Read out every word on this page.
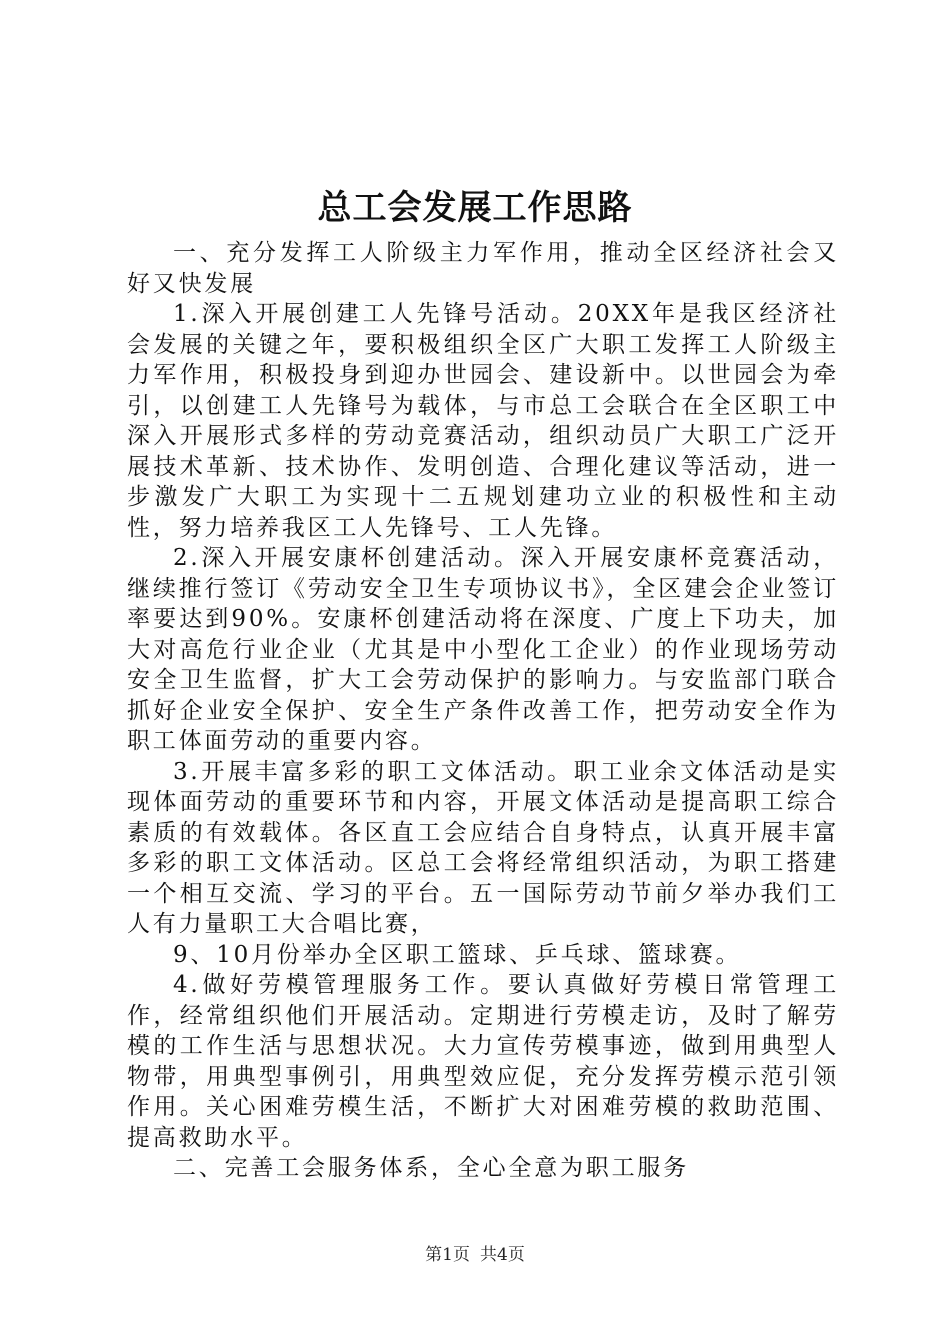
总工会发展工作思路

一、充分发挥工人阶级主力军作用，推动全区经济社会又好又快发展

1.深入开展创建工人先锋号活动。20XX年是我区经济社会发展的关键之年，要积极组织全区广大职工发挥工人阶级主力军作用，积极投身到迎办世园会、建设新中。以世园会为牵引，以创建工人先锋号为载体，与市总工会联合在全区职工中深入开展形式多样的劳动竞赛活动，组织动员广大职工广泛开展技术革新、技术协作、发明创造、合理化建议等活动，进一步激发广大职工为实现十二五规划建功立业的积极性和主动性，努力培养我区工人先锋号、工人先锋。

2.深入开展安康杯创建活动。深入开展安康杯竞赛活动，继续推行签订《劳动安全卫生专项协议书》，全区建会企业签订率要达到90%。安康杯创建活动将在深度、广度上下功夫，加大对高危行业企业（尤其是中小型化工企业）的作业现场劳动安全卫生监督，扩大工会劳动保护的影响力。与安监部门联合抓好企业安全保护、安全生产条件改善工作，把劳动安全作为职工体面劳动的重要内容。

3.开展丰富多彩的职工文体活动。职工业余文体活动是实现体面劳动的重要环节和内容，开展文体活动是提高职工综合素质的有效载体。各区直工会应结合自身特点，认真开展丰富多彩的职工文体活动。区总工会将经常组织活动，为职工搭建一个相互交流、学习的平台。五一国际劳动节前夕举办我们工人有力量职工大合唱比赛，

9、10月份举办全区职工篮球、乒乓球、篮球赛。

4.做好劳模管理服务工作。要认真做好劳模日常管理工作，经常组织他们开展活动。定期进行劳模走访，及时了解劳模的工作生活与思想状况。大力宣传劳模事迹，做到用典型人物带，用典型事例引，用典型效应促，充分发挥劳模示范引领作用。关心困难劳模生活，不断扩大对困难劳模的救助范围、提高救助水平。

二、完善工会服务体系，全心全意为职工服务

第1页 共4页
